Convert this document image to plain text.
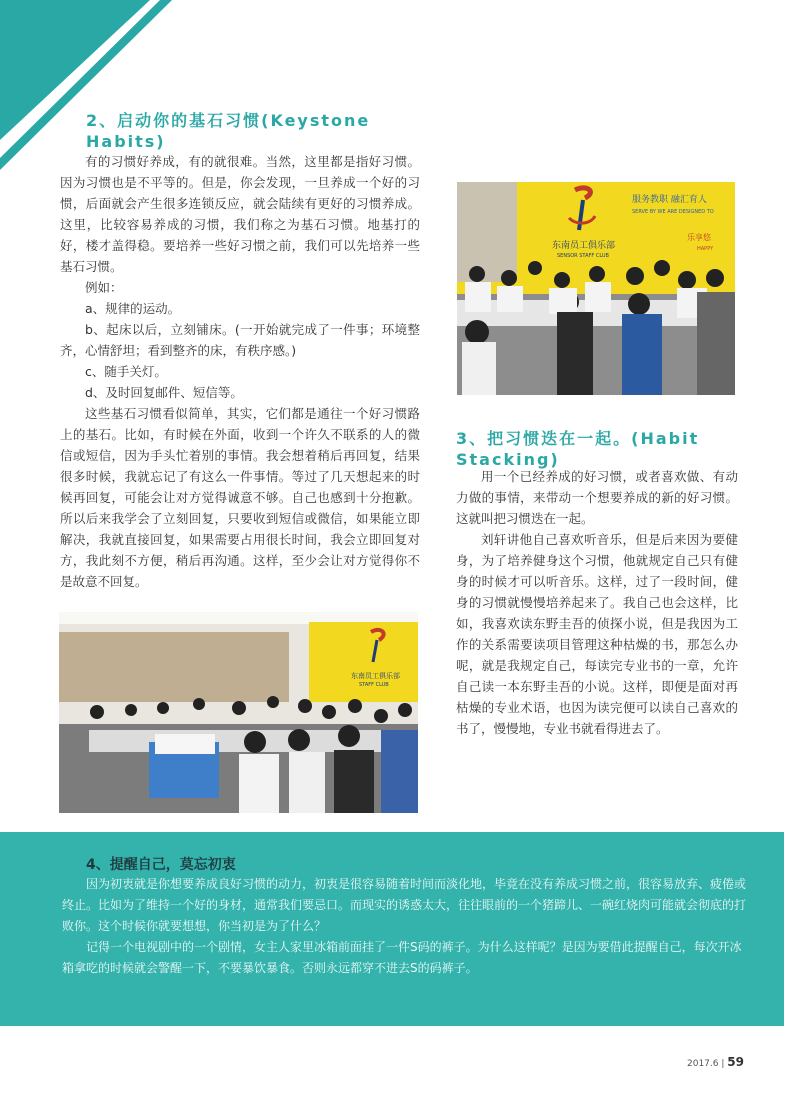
2、启动你的基石习惯(Keystone Habits)

有的习惯好养成，有的就很难。当然，这里都是指好习惯。因为习惯也是不平等的。但是，你会发现，一旦养成一个好的习惯，后面就会产生很多连锁反应，就会陆续有更好的习惯养成。这里，比较容易养成的习惯，我们称之为基石习惯。地基打的好，楼才盖得稳。要培养一些好习惯之前，我们可以先培养一些基石习惯。

例如：

a、规律的运动。

b、起床以后，立刻铺床。(一开始就完成了一件事；环境整齐，心情舒坦；看到整齐的床，有秩序感。)

c、随手关灯。

d、及时回复邮件、短信等。

这些基石习惯看似简单，其实，它们都是通往一个好习惯路上的基石。比如，有时候在外面，收到一个许久不联系的人的微信或短信，因为手头忙着别的事情。我会想着稍后再回复，结果很多时候，我就忘记了有这么一件事情。等过了几天想起来的时候再回复，可能会让对方觉得诚意不够。自己也感到十分抱歉。所以后来我学会了立刻回复，只要收到短信或微信，如果能立即解决，我就直接回复，如果需要占用很长时间，我会立即回复对方，我此刻不方便，稍后再沟通。这样，至少会让对方觉得你不是故意不回复。

服务教职 融汇育人
SERVE BY WE ARE DESIGNED TO
东南员工俱乐部
SENSOR STAFF CLUB
乐享悠
HAPPY
3、把习惯迭在一起。(Habit Stacking)

用一个已经养成的好习惯，或者喜欢做、有动力做的事情，来带动一个想要养成的新的好习惯。这就叫把习惯迭在一起。

刘轩讲他自己喜欢听音乐，但是后来因为要健身，为了培养健身这个习惯，他就规定自己只有健身的时候才可以听音乐。这样，过了一段时间，健身的习惯就慢慢培养起来了。我自己也会这样，比如，我喜欢读东野圭吾的侦探小说，但是我因为工作的关系需要读项目管理这种枯燥的书，那怎么办呢，就是我规定自己，每读完专业书的一章，允许自己读一本东野圭吾的小说。这样，即便是面对再枯燥的专业术语，也因为读完便可以读自己喜欢的书了，慢慢地，专业书就看得进去了。

东南员工俱乐部
STAFF CLUB
4、提醒自己，莫忘初衷

因为初衷就是你想要养成良好习惯的动力，初衷是很容易随着时间而淡化地，毕竟在没有养成习惯之前，很容易放弃、疲倦或终止。比如为了维持一个好的身材，通常我们要忌口。而现实的诱惑太大，往往眼前的一个猪蹄儿、一碗红烧肉可能就会彻底的打败你。这个时候你就要想想，你当初是为了什么？

记得一个电视剧中的一个剧情，女主人家里冰箱前面挂了一件S码的裤子。为什么这样呢？是因为要借此提醒自己，每次开冰箱拿吃的时候就会警醒一下，不要暴饮暴食。否则永远都穿不进去S的码裤子。

2017.6 | 59
